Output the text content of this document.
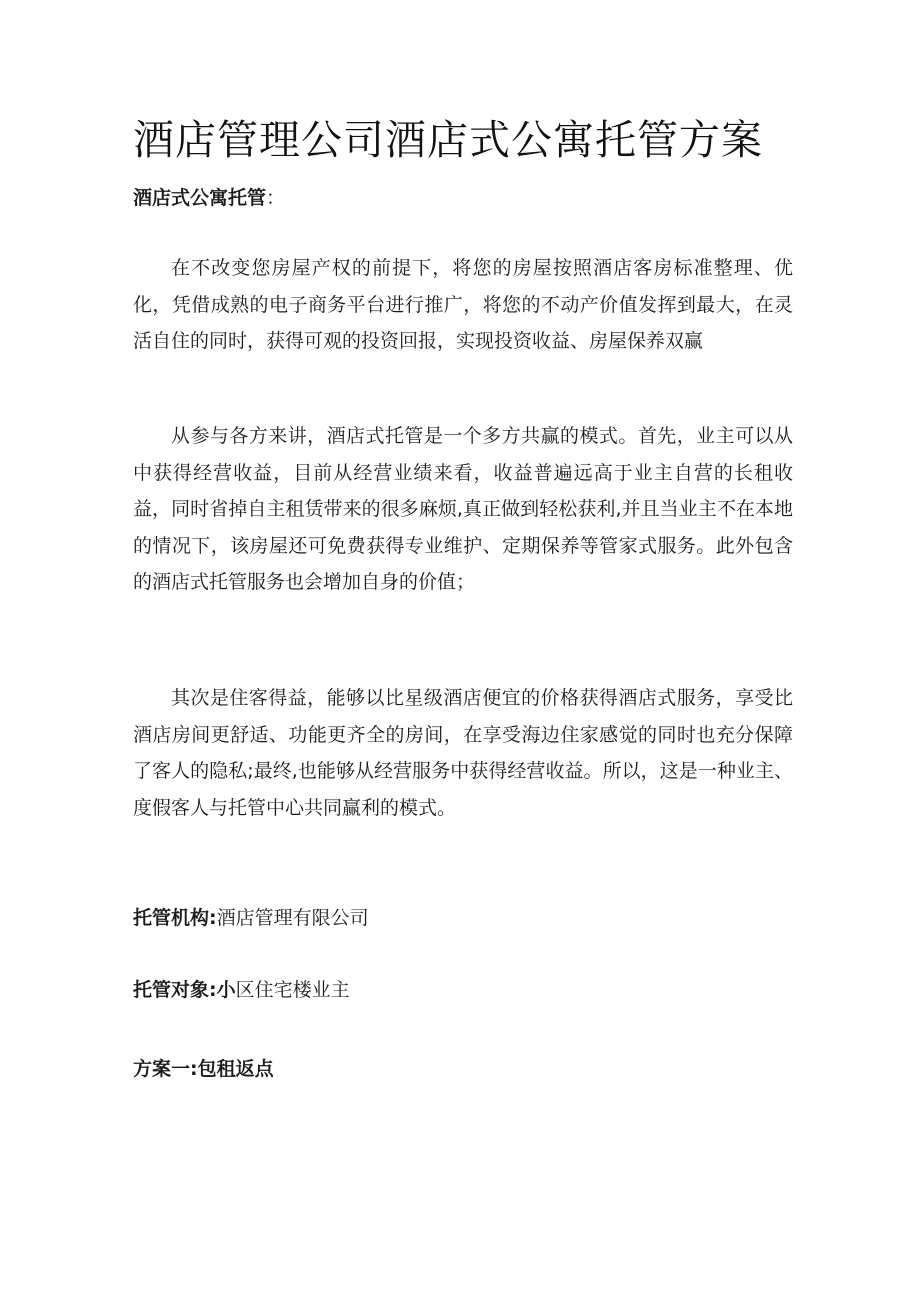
酒店管理公司酒店式公寓托管方案

酒店式公寓托管：

在不改变您房屋产权的前提下，将您的房屋按照酒店客房标准整理、优化，凭借成熟的电子商务平台进行推广，将您的不动产价值发挥到最大，在灵活自住的同时，获得可观的投资回报，实现投资收益、房屋保养双赢

从参与各方来讲，酒店式托管是一个多方共赢的模式。首先，业主可以从中获得经营收益，目前从经营业绩来看，收益普遍远高于业主自营的长租收益，同时省掉自主租赁带来的很多麻烦,真正做到轻松获利,并且当业主不在本地的情况下，该房屋还可免费获得专业维护、定期保养等管家式服务。此外包含的酒店式托管服务也会增加自身的价值；

其次是住客得益，能够以比星级酒店便宜的价格获得酒店式服务，享受比酒店房间更舒适、功能更齐全的房间，在享受海边住家感觉的同时也充分保障了客人的隐私;最终,也能够从经营服务中获得经营收益。所以，这是一种业主、度假客人与托管中心共同赢利的模式。

托管机构:酒店管理有限公司

托管对象:小区住宅楼业主

方案一:包租返点
